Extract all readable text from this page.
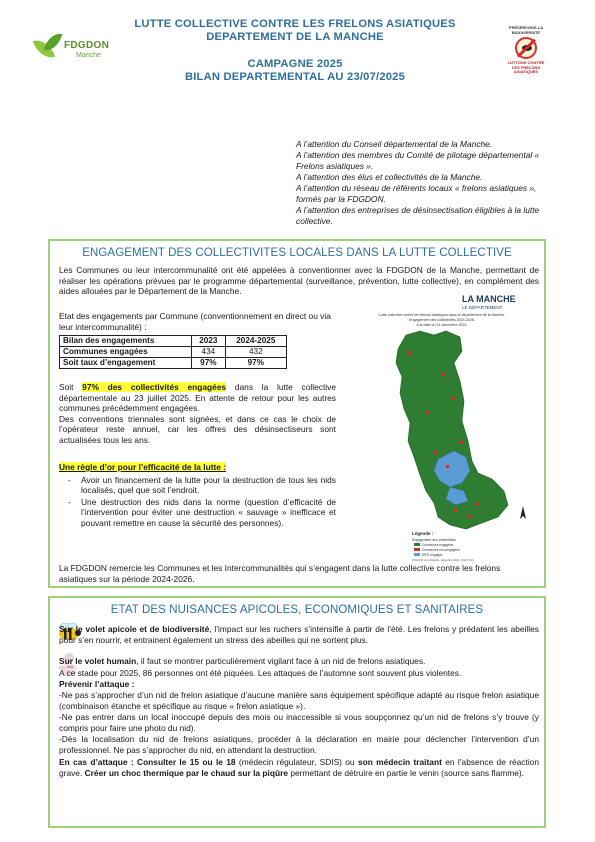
LUTTE COLLECTIVE CONTRE LES FRELONS ASIATIQUES
DEPARTEMENT DE LA MANCHE
CAMPAGNE 2025
BILAN DEPARTEMENTAL AU 23/07/2025
FDGDON
Manche
PRÉSERVONS LA BIODIVERSITÉ
LUTTONS CONTRE LES FRELONS ASIATIQUES
A l’attention du Conseil départemental de la Manche.
A l’attention des membres du Comité de pilotage départemental « Frelons asiatiques ».
A l’attention des élus et collectivités de la Manche.
A l’attention du réseau de référents locaux « frelons asiatiques », formés par la FDGDON.
A l’attention des entreprises de désinsectisation éligibles à la lutte collective.
ENGAGEMENT DES COLLECTIVITES LOCALES DANS LA LUTTE COLLECTIVE
Les Communes ou leur intercommunalité ont été appelées à conventionner avec la FDGDON de la Manche, permettant de réaliser les opérations prévues par le programme départemental (surveillance, prévention, lutte collective), en complément des aides allouées par le Département de la Manche.
Etat des engagements par Commune (conventionnement en direct ou via leur intercommunalité) :
Bilan des engagements	2023	2024-2025
Communes engagées	434	432
Soit taux d’engagement	97%	97%
Soit 97% des collectivités engagées dans la lutte collective départementale au 23 juillet 2025. En attente de retour pour les autres communes précédemment engagées.
Des conventions triennales sont signées, et dans ce cas le choix de l’opérateur reste annuel, car les offres des désinsectiseurs sont actualisées tous les ans.
Une règle d’or pour l’efficacité de la lutte :
- Avoir un financement de la lutte pour la destruction de tous les nids localisés, quel que soit l’endroit.
- Une destruction des nids dans la norme (question d’efficacité de l’intervention pour éviter une destruction « sauvage » inefficace et pouvant remettre en cause la sécurité des personnes).
La FDGDON remercie les Communes et les Intercommunalités qui s’engagent dans la lutte collective contre les frelons asiatiques sur la période 2024-2026.
LA MANCHE
LE DÉPARTEMENT
Lutte collective contre les frelons asiatiques dans le département de la Manche.
Engagement des collectivités 2024-2026.
A la date du 31 décembre 2024.
Légende :
Engagement des collectivités
Communes engagées
Communes non-engagées
EPCI engagés
FDGDON de la Manche, décembre 2024 - QGIS 3.36
ETAT DES NUISANCES APICOLES, ECONOMIQUES ET SANITAIRES
Sur le volet apicole et de biodiversité, l’impact sur les ruchers s’intensifie à partir de l’été. Les frelons y prédatent les abeilles pour s’en nourrir, et entrainent également un stress des abeilles qui ne sortent plus.
Sur le volet humain, il faut se montrer particulièrement vigilant face à un nid de frelons asiatiques.
A ce stade pour 2025, 86 personnes ont été piquées. Les attaques de l’automne sont souvent plus violentes.
Prévenir l’attaque :
-Ne pas s’approcher d’un nid de frelon asiatique d’aucune manière sans équipement spécifique adapté au risque frelon asiatique (combinaison étanche et spécifique au risque « frelon asiatique »).
-Ne pas entrer dans un local inoccupé depuis des mois ou inaccessible si vous soupçonnez qu’un nid de frelons s’y trouve (y compris pour faire une photo du nid).
-Dès la localisation du nid de frelons asiatiques, procéder à la déclaration en mairie pour déclencher l’intervention d’un professionnel. Ne pas s’approcher du nid, en attendant la destruction.
En cas d’attaque : Consulter le 15 ou le 18 (médecin régulateur, SDIS) ou son médecin traitant en l’absence de réaction grave. Créer un choc thermique par le chaud sur la piqûre permettant de détruire en partie le venin (source sans flamme).
